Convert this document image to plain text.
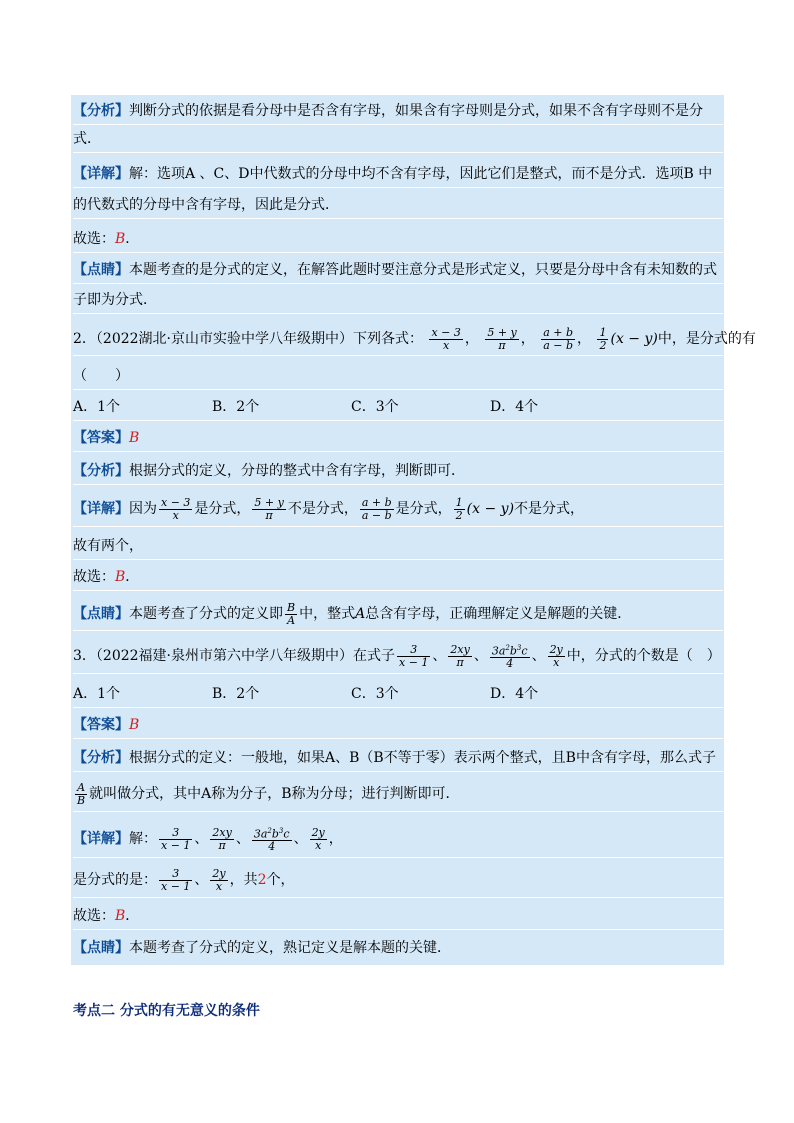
【分析】判断分式的依据是看分母中是否含有字母，如果含有字母则是分式，如果不含有字母则不是分
式．
【详解】解：选项A 、C、D中代数式的分母中均不含有字母，因此它们是整式，而不是分式．选项B 中
的代数式的分母中含有字母，因此是分式．
故选：B．
【点睛】本题考查的是分式的定义，在解答此题时要注意分式是形式定义，只要是分母中含有未知数的式
子即为分式．
2．（2022湖北·京山市实验中学八年级期中）下列各式： $\frac{x - 3}{x}$ ， $\frac{5 + y}{\pi}$ ， $\frac{a + b}{a - b}$ ， $\frac{1}{2} (x - y)$中，是分式的有
（　　）
A．1个	B．2个	C．3个	D．4个
【答案】B
【分析】根据分式的定义，分母的整式中含有字母，判断即可．
【详解】因为 $\frac{x - 3}{x}$ 是分式， $\frac{5 + y}{\pi}$ 不是分式， $\frac{a + b}{a - b}$ 是分式， $\frac{1}{2} (x - y)$不是分式，
故有两个，
故选：B．
【点睛】本题考查了分式的定义即 $\frac{B}{A}$ 中，整式A总含有字母，正确理解定义是解题的关键．
3．（2022福建·泉州市第六中学八年级期中）在式子 $\frac{3}{x - 1}$ 、 $\frac{2xy}{\pi}$ 、 $\frac{3a^2b^3c}{4}$ 、 $\frac{2y}{x}$ 中，分式的个数是（　）
A．1个	B．2个	C．3个	D．4个
【答案】B
【分析】根据分式的定义：一般地，如果A、B（B不等于零）表示两个整式，且B中含有字母，那么式子
$\frac{A}{B}$ 就叫做分式，其中A称为分子，B称为分母；进行判断即可．
【详解】解： $\frac{3}{x - 1}$ 、 $\frac{2xy}{\pi}$ 、 $\frac{3a^2b^3c}{4}$ 、 $\frac{2y}{x}$ ，
是分式的是： $\frac{3}{x - 1}$ 、 $\frac{2y}{x}$ ，共2个，
故选：B．
【点睛】本题考查了分式的定义，熟记定义是解本题的关键．
考点二 分式的有无意义的条件
